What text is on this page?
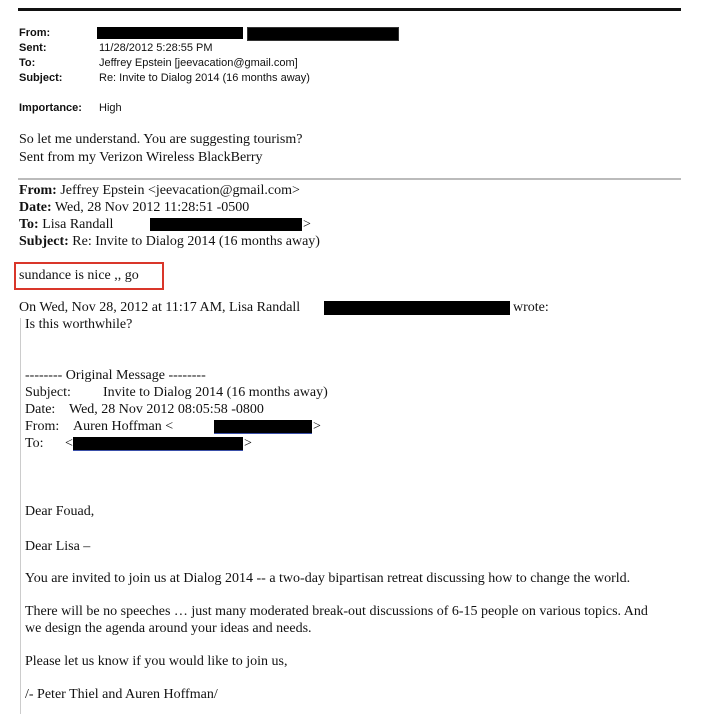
From:
Sent:	11/28/2012 5:28:55 PM
To:	Jeffrey Epstein [jeevacation@gmail.com]
Subject:	Re: Invite to Dialog 2014 (16 months away)
Importance: High
So let me understand. You are suggesting tourism?
Sent from my Verizon Wireless BlackBerry
From: Jeffrey Epstein <jeevacation@gmail.com>
Date: Wed, 28 Nov 2012 11:28:51 -0500
To: Lisa Randall	>
Subject: Re: Invite to Dialog 2014 (16 months away)
sundance is nice ,, go
On Wed, Nov 28, 2012 at 11:17 AM, Lisa Randall	wrote:
Is this worthwhile?
-------- Original Message --------
Subject: Invite to Dialog 2014 (16 months away)
Date: Wed, 28 Nov 2012 08:05:58 -0800
From: Auren Hoffman <	>
To: <	>
Dear Fouad,
Dear Lisa –
You are invited to join us at Dialog 2014 -- a two-day bipartisan retreat discussing how to change the world.
There will be no speeches … just many moderated break-out discussions of 6-15 people on various topics. And
we design the agenda around your ideas and needs.
Please let us know if you would like to join us,
/- Peter Thiel and Auren Hoffman/
